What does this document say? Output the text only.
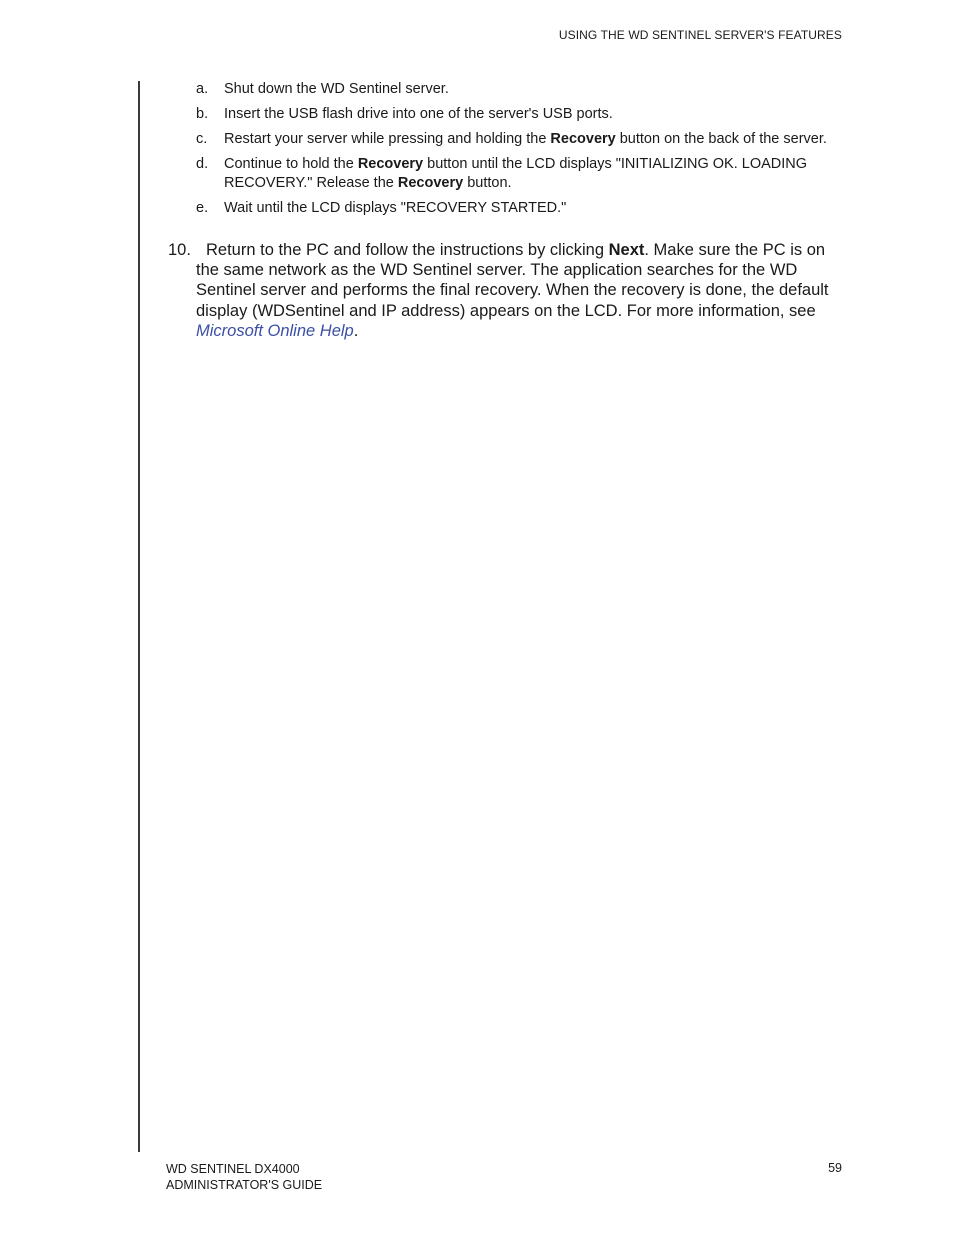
USING THE WD SENTINEL SERVER'S FEATURES
a.	Shut down the WD Sentinel server.
b.	Insert the USB flash drive into one of the server's USB ports.
c.	Restart your server while pressing and holding the Recovery button on the back of the server.
d.	Continue to hold the Recovery button until the LCD displays "INITIALIZING OK. LOADING RECOVERY." Release the Recovery button.
e.	Wait until the LCD displays "RECOVERY STARTED."
10. Return to the PC and follow the instructions by clicking Next. Make sure the PC is on the same network as the WD Sentinel server. The application searches for the WD Sentinel server and performs the final recovery. When the recovery is done, the default display (WDSentinel and IP address) appears on the LCD. For more information, see Microsoft Online Help.
WD SENTINEL DX4000
ADMINISTRATOR'S GUIDE
59
